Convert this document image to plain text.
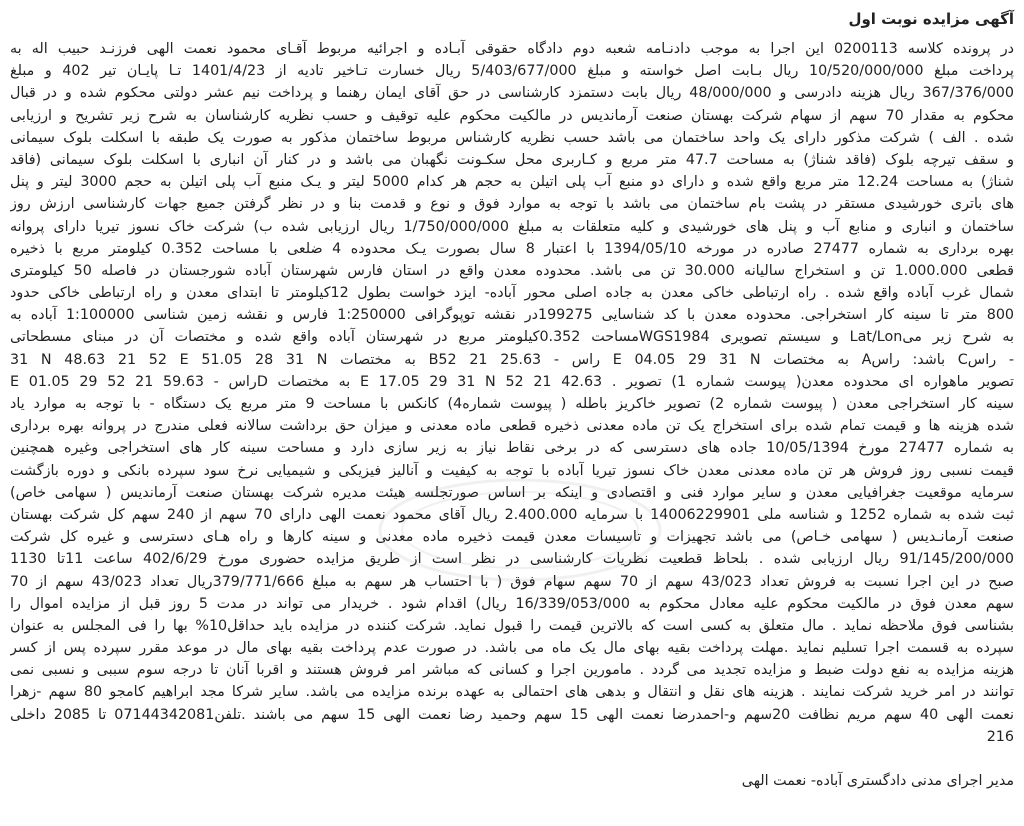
آگهی مزایده نوبت اول
در پرونده کلاسه 0200113 این اجرا به موجب دادنـامه شعبه دوم دادگاه حقوقی آبـاده و اجرائیه مربوط آقـای محمود نعمت الهی فرزنـد حبیب اله به
پرداخت مبلغ 10/520/000/000 ریال بـابت اصل خواسته و مبلغ 5/403/677/000 ریال خسارت تـاخیر تادیه از 1401/4/23 تـا پایـان تیر 402 و مبلغ
367/376/000 ریال هزینه دادرسی و 48/000/000 ریال بابت دستمزد کارشناسی در حق آقای ایمان رهنما و پرداخت نیم عشر دولتی محکوم شده و در قبال
محکوم به مقدار 70 سهم از سهام شرکت بهستان صنعت آرماندیس در مالکیت محکوم علیه توقیف و حسب نظریه کارشناسان به شرح زیر تشریح و ارزیابی
شده . الف ) شرکت مذکور دارای یک واحد ساختمان می باشد حسب نظریه کارشناس مربوط ساختمان مذکور به صورت یک طبقه با اسکلت بلوک سیمانی
و سقف تیرچه بلوک (فاقد شناژ) به مساحت 47.7 متر مربع و کـاربری محل سکـونت نگهبان می باشد و در کنار آن انباری با اسکلت بلوک سیمانی (فاقد
شناژ) به مساحت 12.24 متر مربع واقع شده و دارای دو منبع آب پلی اتیلن به حجم هر کدام 5000 لیتر و یـک منبع آب پلی اتیلن به حجم 3000 لیتر و پنل
های باتری خورشیدی مستقر در پشت بام ساختمان می باشد با توجه به موارد فوق و نوع و قدمت بنا و در نظر گرفتن جمیع جهات کارشناسی ارزش روز
ساختمان و انباری و منابع آب و پنل های خورشیدی و کلیه متعلقات به مبلغ 1/750/000/000 ریال ارزیابی شده ب) شرکت خاک نسوز تیریا دارای پروانه
بهره برداری به شماره 27477 صادره در مورخه 1394/05/10 با اعتبار 8 سال بصورت یـک محدوده 4 ضلعی با مساحت 0.352 کیلومتر مربع با ذخیره
قطعی 1.000.000 تن و استخراج سالیانه 30.000 تن می باشد. محدوده معدن واقع در استان فارس شهرستان آباده شورجستان در فاصله 50 کیلومتری
شمال غرب آباده واقع شده . راه ارتباطی خاکی معدن به جاده اصلی محور آباده- ایزد خواست بطول 12کیلومتر تا ابتدای معدن و راه ارتباطی خاکی حدود
800 متر تا سینه کار استخراجی. محدوده معدن با کد شناسایی 199275در نقشه توپوگرافی 1:250000 فارس و نقشه زمین شناسی 1:100000 آباده به
به شرح زیر میLat/Lon و سیستم تصویری WGS1984مساحت 0.352کیلومتر مربع در شهرستان آباده واقع شده و مختصات آن در مبنای مسطحاتی
31 N 48.63 21 52 E 51.05 28 31 N به مختصات Bراس - 25.63 21 52 E 04.05 29 31 N به مختصات Aباشد: راس Cراس -
تصویر ماهواره ای محدوده معدن( پیوست شماره 1) تصویر . 42.63 21 52 E 17.05 29 31 N به مختصات Dراس - 59.63 21 52 E 01.05 29
سینه کار استخراجی معدن ( پیوست شماره 2) تصویر خاکریز باطله ( پیوست شماره4) کانکس با مساحت 9 متر مربع یک دستگاه - با توجه به موارد یاد
شده هزینه ها و قیمت تمام شده برای استخراج یک تن ماده معدنی ذخیره قطعی ماده معدنی و میزان حق برداشت سالانه فعلی مندرج در پروانه بهره برداری
به شماره 27477 مورخ 10/05/1394 جاده های دسترسی که در برخی نقاط نیاز به زیر سازی دارد و مساحت سینه کار های استخراجی وغیره همچنین
قیمت نسبی روز فروش هر تن ماده معدنی معدن خاک نسوز تیریا آباده با توجه به کیفیت و آنالیز فیزیکی و شیمیایی نرخ سود سپرده بانکی و دوره بازگشت
سرمایه موقعیت جغرافیایی معدن و سایر موارد فنی و اقتصادی و اینکه بر اساس صورتجلسه هیئت مدیره شرکت بهستان صنعت آرماندیس ( سهامی خاص)
ثبت شده به شماره 1252 و شناسه ملی 14006229901 با سرمایه 2.400.000 ریال آقای محمود نعمت الهی دارای 70 سهم از 240 سهم کل شرکت بهستان
صنعت آرمانـدیس ( سهامی خـاص) می باشد تجهیزات و تاسیسات معدن قیمت ذخیره ماده معدنی و سینه کارها و راه هـای دسترسی و غیره کل شرکت
91/145/200/000 ریال ارزیابی شده . بلحاظ قطعیت نظریات کارشناسی در نظر است از طریق مزایده حضوری مورخ 402/6/29 ساعت 11تا 1130
صبح در این اجرا نسبت به فروش تعداد 43/023 سهم از 70 سهم سهام فوق ( با احتساب هر سهم به مبلغ 379/771/666ریال تعداد 43/023 سهم از 70
سهم معدن فوق در مالکیت محکوم علیه معادل محکوم به 16/339/053/000 ریال) اقدام شود . خریدار می تواند در مدت 5 روز قبل از مزایده اموال را
بشناسی فوق ملاحظه نماید . مال متعلق به کسی است که بالاترین قیمت را قبول نماید. شرکت کننده در مزایده باید حداقل10% بها را فی المجلس به عنوان
سپرده به قسمت اجرا تسلیم نماید .مهلت پرداخت بقیه بهای مال یک ماه می باشد. در صورت عدم پرداخت بقیه بهای مال در موعد مقرر سپرده پس از کسر
هزینه مزایده به نفع دولت ضبط و مزایده تجدید می گردد . مامورین اجرا و کسانی که مباشر امر فروش هستند و اقربا آنان تا درجه سوم سببی و نسبی نمی
توانند در امر خرید شرکت نمایند . هزینه های نقل و انتقال و بدهی های احتمالی به عهده برنده مزایده می باشد. سایر شرکا مجد ابراهیم کامجو 80 سهم -زهرا
نعمت الهی 40 سهم مریم نظافت 20سهم و-احمدرضا نعمت الهی 15 سهم وحمید رضا نعمت الهی 15 سهم می باشند .تلفن07144342081 تا 2085 داخلی
216
مدیر اجرای مدنی دادگستری آباده- نعمت الهی
